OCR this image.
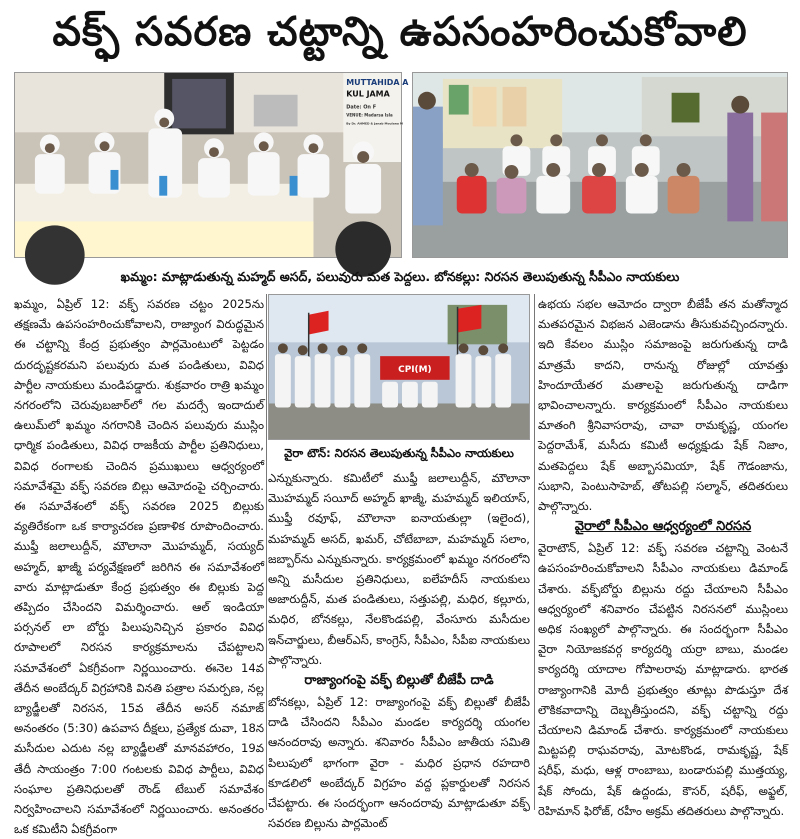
వక్ఫ్ సవరణ చట్టాన్ని ఉపసంహరించుకోవాలి
MUTTAHIDA A
KUL JAMA
Date: On F
VENUE: Madarsa Isla
By Dr. AHMED & Janab Moulana M
ఖమ్మం: మాట్లాడుతున్న మహ్మద్ అసద్, పలువురు మత పెద్దలు. బోనకల్లు: నిరసన తెలుపుతున్న సీపీఎం నాయకులు

ఖమ్మం, ఏప్రిల్ 12: వక్ఫ్ సవరణ చట్టం 2025ను తక్షణమే ఉపసంహరించుకోవాలని, రాజ్యాంగ విరుద్ధమైన ఈ చట్టాన్ని కేంద్ర ప్రభుత్వం పార్లమెంటులో పెట్టడం దురదృష్టకరమని పలువురు మత పండితులు, వివిధ పార్టీల నాయకులు మండిపడ్డారు. శుక్రవారం రాత్రి ఖమ్మం నగరంలోని చెరువుబజార్‌లో గల మదర్సే ఇందాదుల్ ఉలుమ్‌లో ఖమ్మం నగరానికి చెందిన పలువురు ముస్లిం ధార్మిక పండితులు, వివిధ రాజకీయ పార్టీల ప్రతినిధులు, వివిధ రంగాలకు చెందిన ప్రముఖులు ఆధ్వర్యంలో సమావేశమై వక్ఫ్ సవరణ బిల్లు ఆమోదంపై చర్చించారు. ఈ సమావేశంలో వక్ఫ్ సవరణ 2025 బిల్లుకు వ్యతిరేకంగా ఒక కార్యాచరణ ప్రణాళిక రూపొందించారు. ముఫ్తీ జలాలుద్దీన్, మౌలానా మొహమ్మద్, సయ్యద్ అహ్మద్, ఖాజ్మీ పర్యవేక్షణలో జరిగిన ఈ సమావేశంలో వారు మాట్లాడుతూ కేంద్ర ప్రభుత్వం ఈ బిల్లుకు పెద్ద తప్పిదం చేసిందని విమర్శించారు. ఆల్ ఇండియా పర్సనల్ లా బోర్డు పిలుపునిచ్చిన ప్రకారం వివిధ రూపాలలో నిరసన కార్యక్రమాలను చేపట్టాలని సమావేశంలో ఏకగ్రీవంగా నిర్ణయించారు. ఈనెల 14వ తేదీన అంబేద్కర్ విగ్రహానికి వినతి పత్రాల సమర్పణ, నల్ల బ్యాడ్జీలతో నిరసన, 15వ తేదీన అసర్ నమాజ్ అనంతరం (5:30) ఉపవాస దీక్షలు, ప్రత్యేక దువా, 18న మసీదుల ఎదుట నల్ల బ్యాడ్జీలతో మానవహారం, 19వ తేదీ సాయంత్రం 7:00 గంటలకు వివిధ పార్టీలు, వివిధ సంఘాల ప్రతినిధులతో రౌండ్ టేబుల్ సమావేశం నిర్వహించాలని సమావేశంలో నిర్ణయించారు. అనంతరం ఒక కమిటీని ఏకగ్రీవంగా

CPI(M)
వైరా టౌన్: నిరసన తెలుపుతున్న సీపీఎం నాయకులు

ఎన్నుకున్నారు. కమిటీలో ముఫ్తీ జలాలుద్దీన్, మౌలానా మొహమ్మద్ సయీద్ అహ్మద్ ఖాజ్మీ, మహమ్మద్ ఇలియాస్, ముఫ్తీ రవూఫ్, మౌలానా ఐనాయతుల్లా (ఇలైంద), మహమ్మద్ అసద్, ఖమర్, చోటేబాబా, మహమ్మద్ సలాం, జబ్బార్‌ను ఎన్నుకున్నారు. కార్యక్రమంలో ఖమ్మం నగరంలోని అన్ని మసీదుల ప్రతినిధులు, ఐలేహదీస్ నాయకులు అజారుద్దీన్, మత పండితులు, సత్తుపల్లి, మధిర, కల్లూరు, మధిర, బోనకల్లు, నేలకొండపల్లి, వేంసూరు మసీదుల ఇన్‌చార్జులు, బీఆర్ఎస్, కాంగ్రెస్, సీపీఎం, సీపీఐ నాయకులు పాల్గొన్నారు.

రాజ్యాంగంపై వక్ఫ్ బిల్లుతో బీజేపీ దాడి

బోనకల్లు, ఏప్రిల్ 12: రాజ్యాంగంపై వక్ఫ్ బిల్లుతో బీజేపీ దాడి చేసిందని సీపీఎం మండల కార్యదర్శి యంగల ఆనందరావు అన్నారు. శనివారం సీపీఎం జాతీయ సమితి పిలుపులో భాగంగా వైరా - మధిర ప్రధాన రహదారి కూడలిలో అంబేద్కర్ విగ్రహం వద్ద ప్లకార్డులతో నిరసన చేపట్టారు. ఈ సందర్భంగా ఆనందరావు మాట్లాడుతూ వక్ఫ్ సవరణ బిల్లును పార్లమెంట్

ఉభయ సభల ఆమోదం ద్వారా బీజేపీ తన మతోన్మాద మతపరమైన విభజన ఎజెండాను తీసుకువచ్చిందన్నారు. ఇది కేవలం ముస్లిం సమాజంపై జరుగుతున్న దాడి మాత్రమే కాదని, రానున్న రోజుల్లో యావత్తు హిందూయేతర మతాలపై జరుగుతున్న దాడిగా భావించాలన్నారు. కార్యక్రమంలో సీపీఎం నాయకులు మాతంగి శ్రీనివాసరావు, చావా రామకృష్ణ, యంగల పెద్దరామేశ్, మసీదు కమిటీ అధ్యక్షుడు షేక్ నిజాం, మతపెద్దలు షేక్ అబ్బాసమియా, షేక్ గౌడంజాను, సుభాని, పెంటుసాహెబ్, తోటపల్లి సల్మాన్, తదితరులు పాల్గొన్నారు.

వైరాలో సీపీఎం ఆధ్వర్యంలో నిరసన

వైరాటౌన్, ఏప్రిల్ 12: వక్ఫ్ సవరణ చట్టాన్ని వెంటనే ఉపసంహరించుకోవాలని సీపీఎం నాయకులు డిమాండ్ చేశారు. వక్ఫ్‌బోర్డు బిల్లును రద్దు చేయాలని సీపీఎం ఆధ్వర్యంలో శనివారం చేపట్టిన నిరసనలో ముస్లింలు అధిక సంఖ్యలో పాల్గొన్నారు. ఈ సందర్భంగా సీపీఎం వైరా నియోజకవర్గ కార్యదర్శి యర్రా బాబు, మండల కార్యదర్శి యాదాల గోపాలరావు మాట్లాడారు. భారత రాజ్యాంగానికి మోదీ ప్రభుత్వం తూట్లు పొడుస్తూ దేశ లౌకికవాదాన్ని దెబ్బతీస్తుందని, వక్ఫ్ చట్టాన్ని రద్దు చేయాలని డిమాండ్ చేశారు. కార్యక్రమంలో నాయకులు మిట్టపల్లి రాఘవరావు, మోటకొండ, రామకృష్ణ, షేక్ షరీఫ్, మధు, ఆళ్ల రాంబాబు, బండారుపల్లి ముత్తయ్య, షేక్ సోందు, షేక్ ఉద్దండు, కౌసర్, షరీఫ్, అఫ్జల్, రెహిమాన్ ఫిరోజ్, రహీం అక్రమ్ తదితరులు పాల్గొన్నారు.
